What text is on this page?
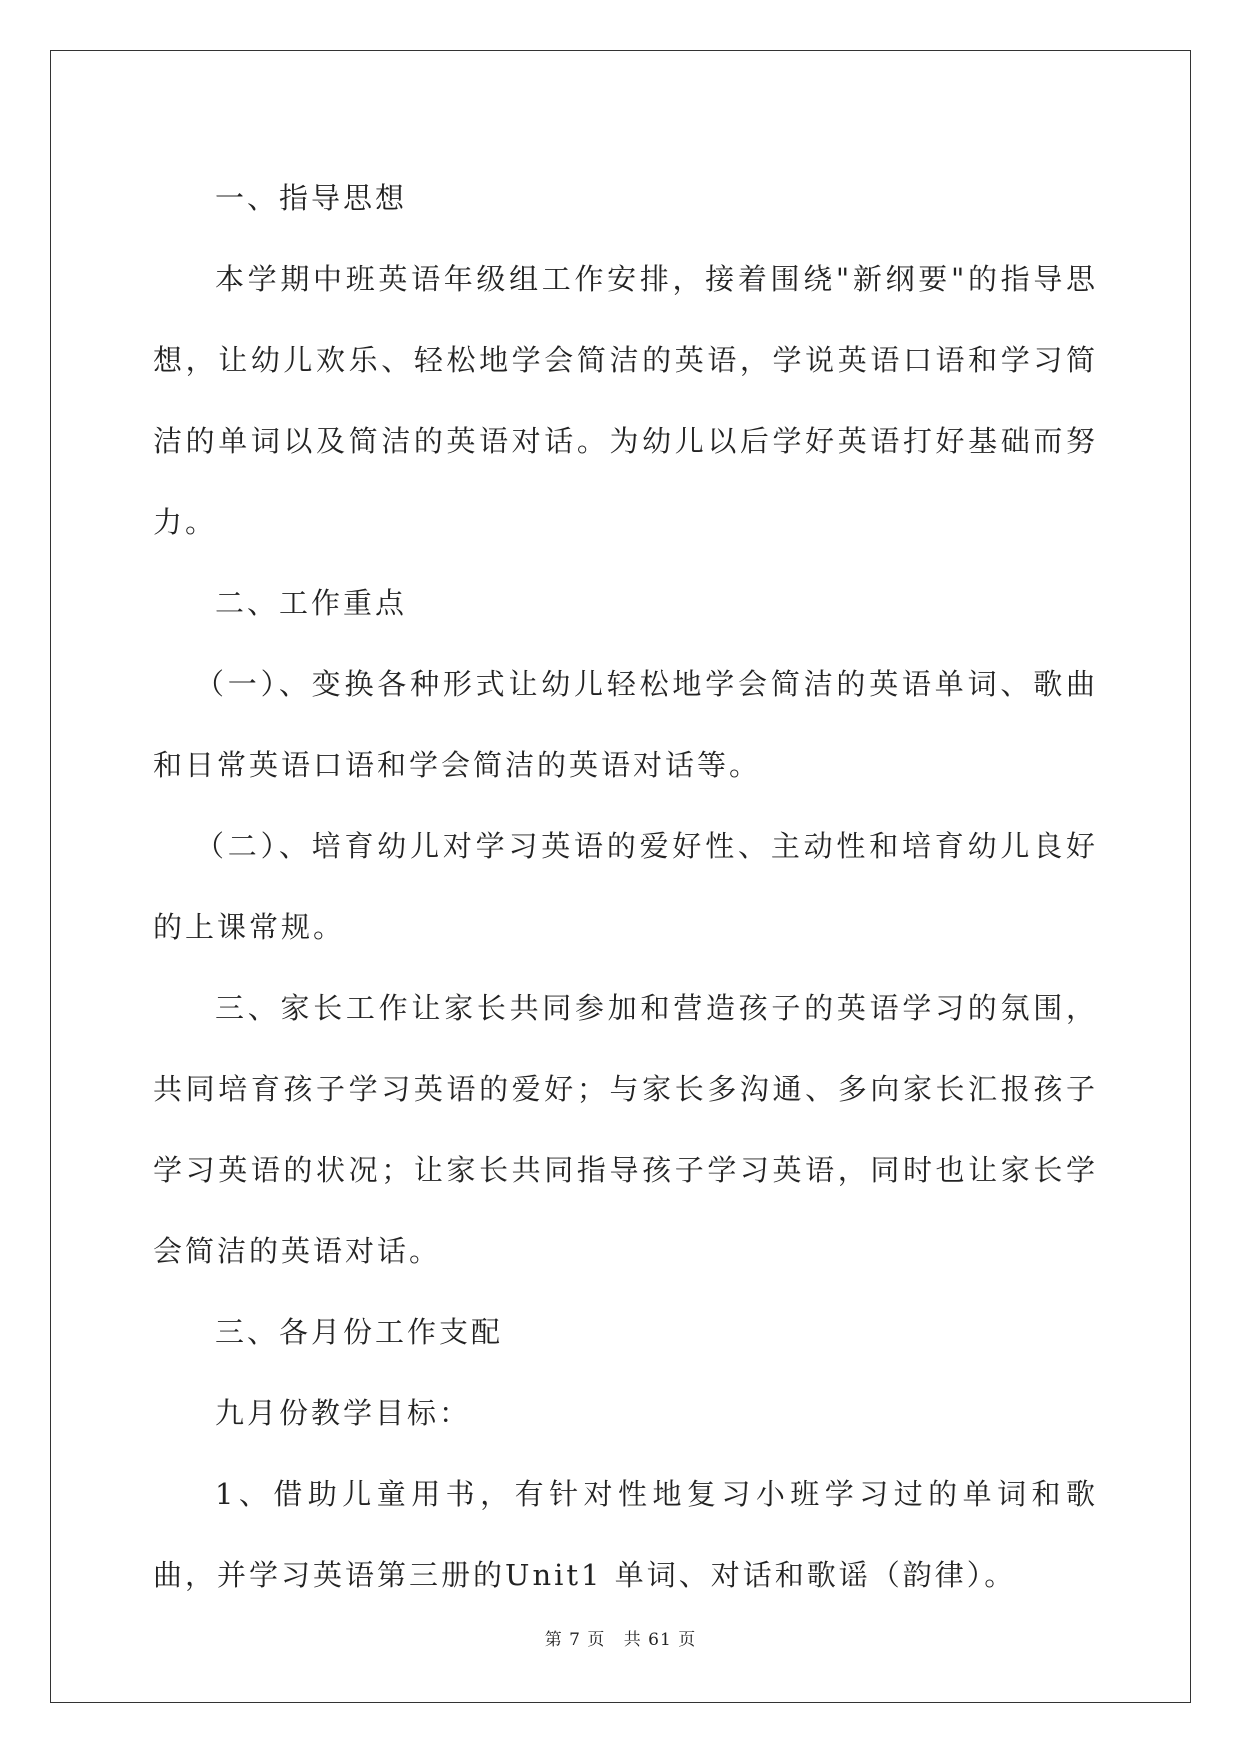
一、指导思想

本学期中班英语年级组工作安排，接着围绕"新纲要"的指导思想，让幼儿欢乐、轻松地学会简洁的英语，学说英语口语和学习简洁的单词以及简洁的英语对话。为幼儿以后学好英语打好基础而努力。

二、工作重点

（一）、变换各种形式让幼儿轻松地学会简洁的英语单词、歌曲和日常英语口语和学会简洁的英语对话等。

（二）、培育幼儿对学习英语的爱好性、主动性和培育幼儿良好的上课常规。

三、家长工作让家长共同参加和营造孩子的英语学习的氛围，共同培育孩子学习英语的爱好；与家长多沟通、多向家长汇报孩子学习英语的状况；让家长共同指导孩子学习英语，同时也让家长学会简洁的英语对话。

三、各月份工作支配

九月份教学目标：

1、借助儿童用书，有针对性地复习小班学习过的单词和歌曲，并学习英语第三册的Unit1 单词、对话和歌谣（韵律）。

第 7 页 共 61 页
